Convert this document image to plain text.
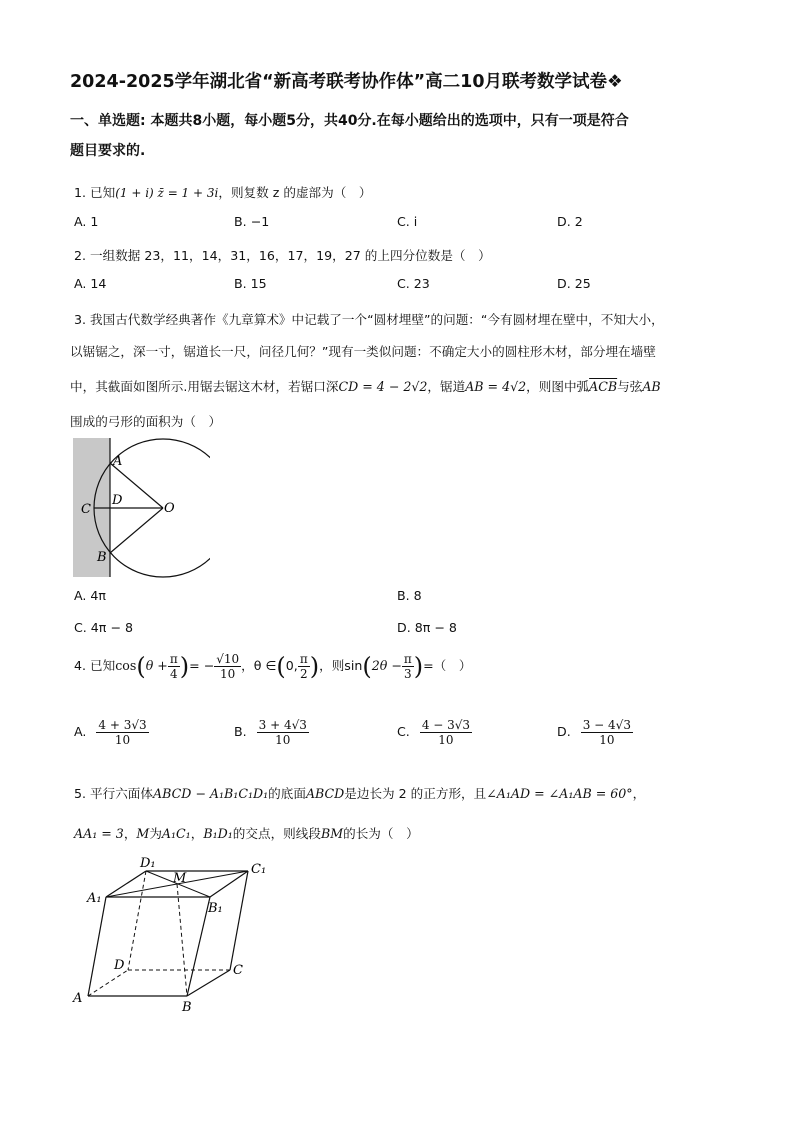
2024-2025学年湖北省“新高考联考协作体”高二10月联考数学试卷❖
一、单选题: 本题共8小题，每小题5分，共40分.在每小题给出的选项中，只有一项是符合
题目要求的.
1. 已知(1 + i) z̄ = 1 + 3i，则复数 z 的虚部为（　）
A. 1	B. −1	C. i	D. 2
2. 一组数据 23，11，14，31，16，17，19，27 的上四分位数是（　）
A. 14	B. 15	C. 23	D. 25
3. 我国古代数学经典著作《九章算术》中记载了一个“圆材埋壁”的问题：“今有圆材埋在壁中，不知大小，
以锯锯之，深一寸，锯道长一尺，问径几何？”现有一类似问题：不确定大小的圆柱形木材，部分埋在墙壁
中，其截面如图所示.用锯去锯这木材，若锯口深CD = 4 − 2√2，锯道AB = 4√2，则图中弧$\overline{ACB}$与弦AB
围成的弓形的面积为（　）
A
D
C	O
B
A. 4π	B. 8
C. 4π − 8	D. 8π − 8
4. 已知$\cos(\theta + \frac{\pi}{4}$ )= − $\frac{√10}{10}$ ，θ ∈(0, $\frac{\pi}{2}$ )，则$\sin(2\theta - \frac{\pi}{3}$ )=（　）
A. $\frac{4 + 3√3}{10}$	B. $\frac{3 + 4√3}{10}$	C. $\frac{4 - 3√3}{10}$	D. $\frac{3 - 4√3}{10}$
5. 平行六面体ABCD − A₁B₁C₁D₁的底面ABCD是边长为 2 的正方形，且∠A₁AD = ∠A₁AB = 60°，
AA₁ = 3，M为A₁C₁，B₁D₁的交点，则线段BM的长为（　）
D₁
M
C₁
A₁
B₁
D	C
A
B
